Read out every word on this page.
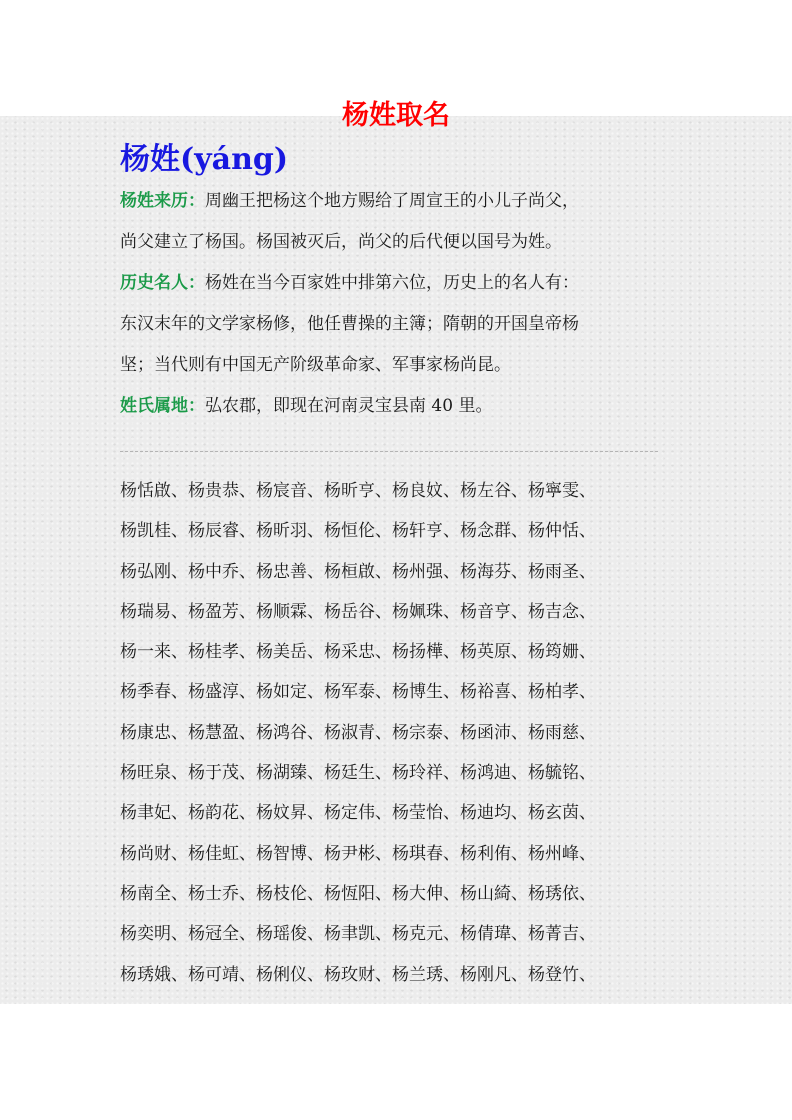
杨姓取名
杨姓(yáng)
杨姓来历：周幽王把杨这个地方赐给了周宣王的小儿子尚父，
尚父建立了杨国。杨国被灭后，尚父的后代便以国号为姓。
历史名人：杨姓在当今百家姓中排第六位，历史上的名人有：
东汉末年的文学家杨修，他任曹操的主簿；隋朝的开国皇帝杨
坚；当代则有中国无产阶级革命家、军事家杨尚昆。
姓氏属地：弘农郡，即现在河南灵宝县南 40 里。
杨恬啟、杨贵恭、杨宸音、杨昕亨、杨良妏、杨左谷、杨寧雯、
杨凯桂、杨辰睿、杨昕羽、杨恒伦、杨轩亨、杨念群、杨仲恬、
杨弘刚、杨中乔、杨忠善、杨桓啟、杨州强、杨海芬、杨雨圣、
杨瑞易、杨盈芳、杨顺霖、杨岳谷、杨姵珠、杨音亨、杨吉念、
杨一来、杨桂孝、杨美岳、杨采忠、杨扬樺、杨英原、杨筠姗、
杨季春、杨盛淳、杨如定、杨军泰、杨博生、杨裕喜、杨柏孝、
杨康忠、杨慧盈、杨鸿谷、杨淑青、杨宗泰、杨函沛、杨雨慈、
杨旺泉、杨于茂、杨湖臻、杨廷生、杨玲祥、杨鸿迪、杨毓铭、
杨聿妃、杨韵花、杨妏昇、杨定伟、杨莹怡、杨迪均、杨玄茵、
杨尚财、杨佳虹、杨智博、杨尹彬、杨琪春、杨利侑、杨州峰、
杨南全、杨士乔、杨枝伦、杨恆阳、杨大伸、杨山綺、杨琇依、
杨奕明、杨冠全、杨瑶俊、杨聿凯、杨克元、杨倩瑋、杨菁吉、
杨琇娥、杨可靖、杨俐仪、杨玫财、杨兰琇、杨刚凡、杨登竹、
